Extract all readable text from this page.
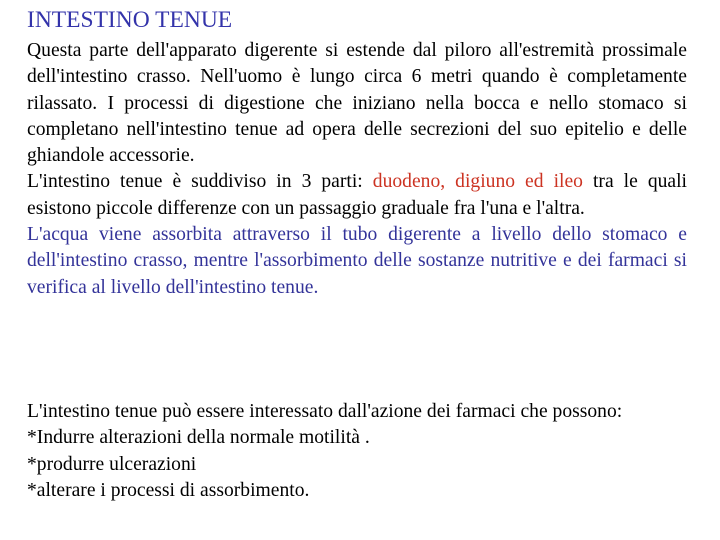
INTESTINO TENUE

Questa parte dell'apparato digerente si estende dal piloro all'estremità prossimale dell'intestino crasso. Nell'uomo è lungo circa 6 metri quando è completamente rilassato. I processi di digestione che iniziano nella bocca e nello stomaco si completano nell'intestino tenue ad opera delle secrezioni del suo epitelio e delle ghiandole accessorie.

L'intestino tenue è suddiviso in 3 parti: duodeno, digiuno ed ileo tra le quali esistono piccole differenze con un passaggio graduale fra l'una e l'altra.

L'acqua viene assorbita attraverso il tubo digerente a livello dello stomaco e dell'intestino crasso, mentre l'assorbimento delle sostanze nutritive e dei farmaci si verifica al livello dell'intestino tenue.

L'intestino tenue può essere interessato dall'azione dei farmaci che possono:

*Indurre alterazioni della normale motilità .

*produrre ulcerazioni

*alterare i processi di assorbimento.
